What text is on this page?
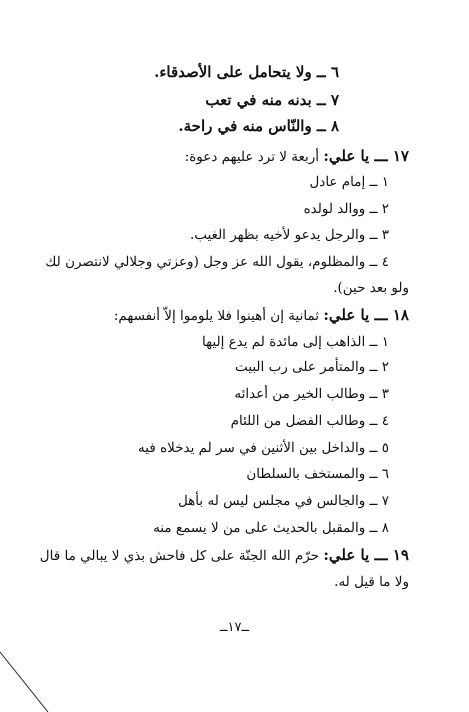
٦ ــ ولا يتحامل على الأصدقاء.
٧ ــ بدنه منه في تعب
٨ ــ والنّاس منه في راحة.
١٧ ـــ يا علي: أربعة لا ترد عليهم دعوة:
١ ــ إمام عادل
٢ ــ ووالد لولده
٣ ــ والرجل يدعو لأخيه بظهر الغيب.
٤ ــ والمظلوم، يقول الله عز وجل (وعزتي وجلالي لانتصرن لك
ولو بعد حين).
١٨ ـــ يا علي: ثمانية إن أهينوا فلا يلوموا إلاّ أنفسهم:
١ ــ الذاهب إلى مائدة لم يدع إليها
٢ ــ والمتأمر على رب البيت
٣ ــ وطالب الخير من أعدائه
٤ ــ وطالب الفضل من اللئام
٥ ــ والداخل بين الأثنين في سر لم يدخلاه فيه
٦ ــ والمستخف بالسلطان
٧ ــ والجالس في مجلس ليس له بأهل
٨ ــ والمقبل بالحديث على من لا يسمع منه
١٩ ـــ يا علي: حرّم الله الجنّة على كل فاحش بذي لا يبالي ما قال
ولا ما قيل له.
ــ١٧ــ
